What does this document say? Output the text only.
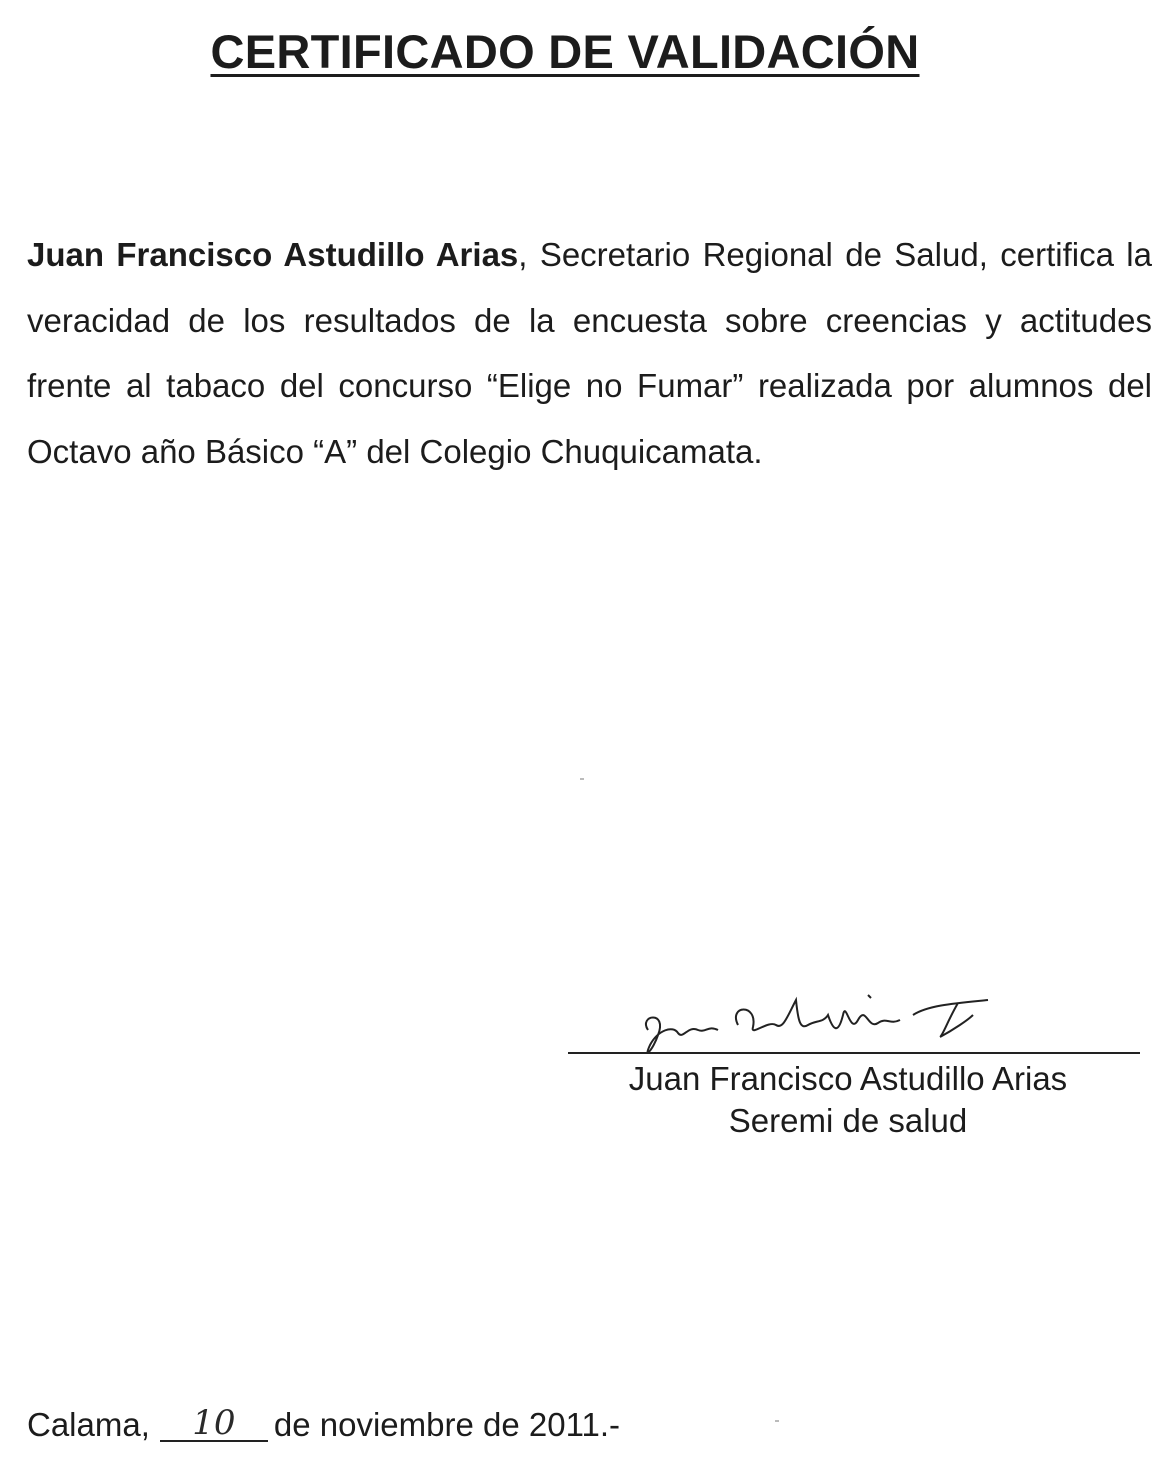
CERTIFICADO DE VALIDACIÓN

Juan Francisco Astudillo Arias, Secretario Regional de Salud, certifica la veracidad de los resultados de la encuesta sobre creencias y actitudes frente al tabaco del concurso “Elige no Fumar” realizada por alumnos del Octavo año Básico “A” del Colegio Chuquicamata.

Juan Francisco Astudillo Arias
Seremi de salud
Calama, 10 de noviembre de 2011.-
